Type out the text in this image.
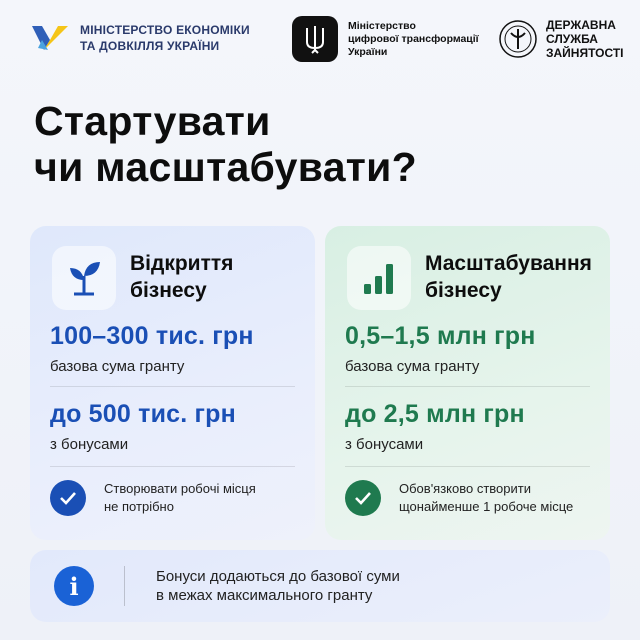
МІНІСТЕРСТВО ЕКОНОМІКИ
ТА ДОВКІЛЛЯ УКРАЇНИ
Міністерство
цифрової трансформації
України
ДЕРЖАВНА
СЛУЖБА
ЗАЙНЯТОСТІ
Стартувати
чи масштабувати?
Відкриття
бізнесу
100–300 тис. грн
базова сума гранту
до 500 тис. грн
з бонусами
Створювати робочі місця
не потрібно
Масштабування
бізнесу
0,5–1,5 млн грн
базова сума гранту
до 2,5 млн грн
з бонусами
Обов'язково створити
щонайменше 1 робоче місце
i	Бонуси додаються до базової суми
в межах максимального гранту
